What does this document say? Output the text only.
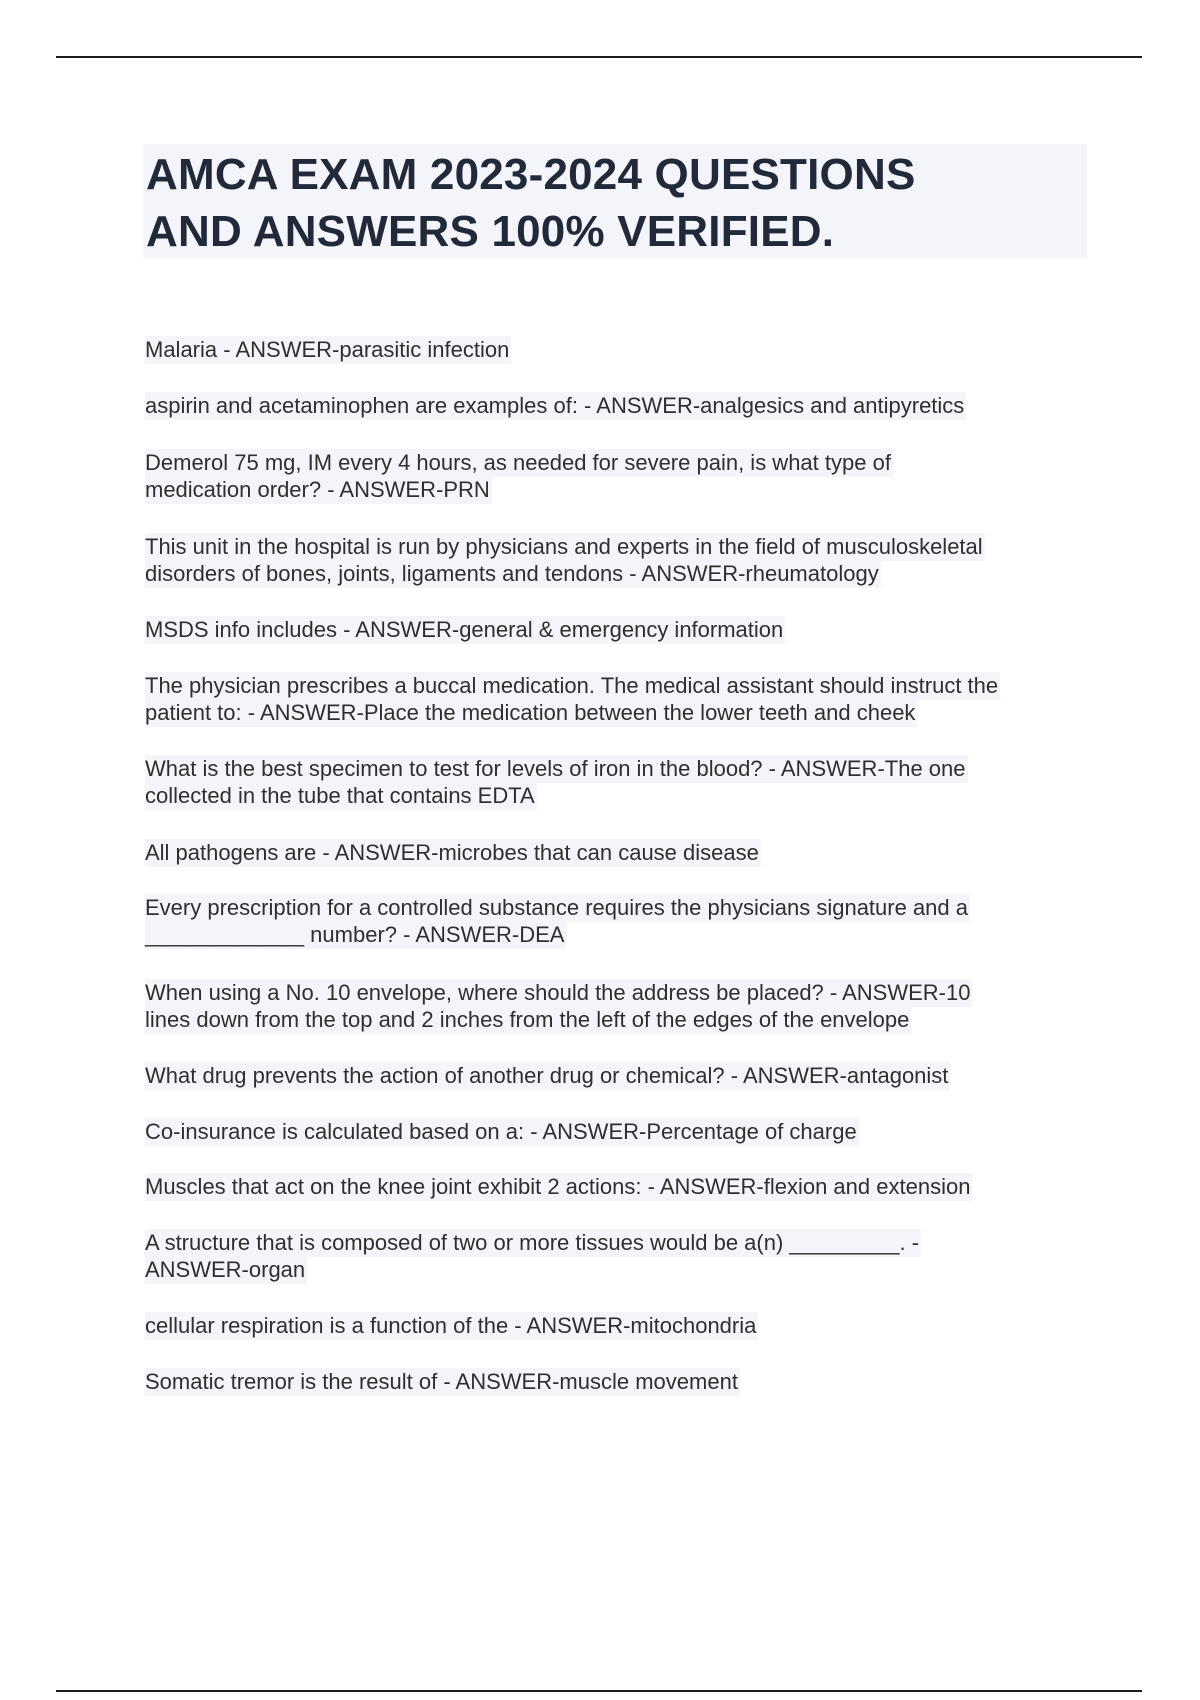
AMCA EXAM 2023-2024 QUESTIONS
AND ANSWERS 100% VERIFIED.
Malaria - ANSWER-parasitic infection
aspirin and acetaminophen are examples of: - ANSWER-analgesics and antipyretics
Demerol 75 mg, IM every 4 hours, as needed for severe pain, is what type of
medication order? - ANSWER-PRN
This unit in the hospital is run by physicians and experts in the field of musculoskeletal
disorders of bones, joints, ligaments and tendons - ANSWER-rheumatology
MSDS info includes - ANSWER-general & emergency information
The physician prescribes a buccal medication. The medical assistant should instruct the
patient to: - ANSWER-Place the medication between the lower teeth and cheek
What is the best specimen to test for levels of iron in the blood? - ANSWER-The one
collected in the tube that contains EDTA
All pathogens are - ANSWER-microbes that can cause disease
Every prescription for a controlled substance requires the physicians signature and a
_____________ number? - ANSWER-DEA
When using a No. 10 envelope, where should the address be placed? - ANSWER-10
lines down from the top and 2 inches from the left of the edges of the envelope
What drug prevents the action of another drug or chemical? - ANSWER-antagonist
Co-insurance is calculated based on a: - ANSWER-Percentage of charge
Muscles that act on the knee joint exhibit 2 actions: - ANSWER-flexion and extension
A structure that is composed of two or more tissues would be a(n) _________. -
ANSWER-organ
cellular respiration is a function of the - ANSWER-mitochondria
Somatic tremor is the result of - ANSWER-muscle movement
